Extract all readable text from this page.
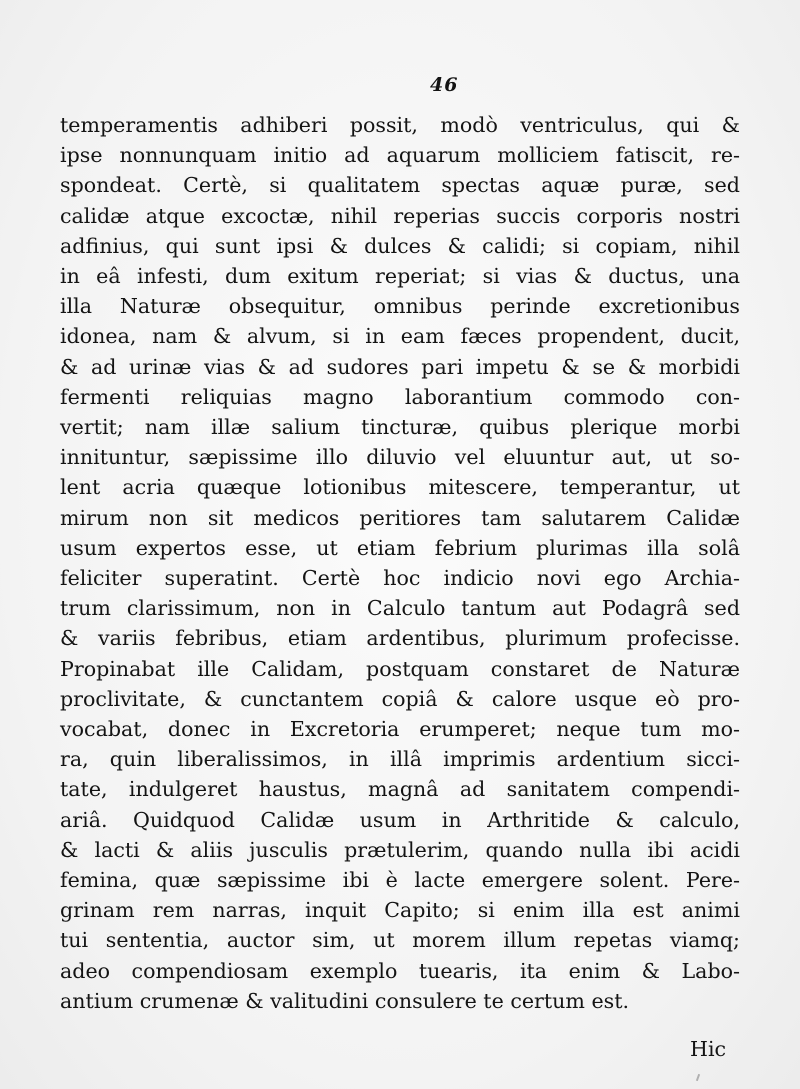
46
temperamentis adhiberi possit, modò ventriculus, qui &
ipse nonnunquam initio ad aquarum molliciem fatiscit, re-
spondeat. Certè, si qualitatem spectas aquæ puræ, sed
calidæ atque excoctæ, nihil reperias succis corporis nostri
adfinius, qui sunt ipsi & dulces & calidi; si copiam, nihil
in eâ infesti, dum exitum reperiat; si vias & ductus, una
illa Naturæ obsequitur, omnibus perinde excretionibus
idonea, nam & alvum, si in eam fæces propendent, ducit,
& ad urinæ vias & ad sudores pari impetu & se & morbidi
fermenti reliquias magno laborantium commodo con-
vertit; nam illæ salium tincturæ, quibus plerique morbi
innituntur, sæpissime illo diluvio vel eluuntur aut, ut so-
lent acria quæque lotionibus mitescere, temperantur, ut
mirum non sit medicos peritiores tam salutarem Calidæ
usum expertos esse, ut etiam febrium plurimas illa solâ
feliciter superatint. Certè hoc indicio novi ego Archia-
trum clarissimum, non in Calculo tantum aut Podagrâ sed
& variis febribus, etiam ardentibus, plurimum profecisse.
Propinabat ille Calidam, postquam constaret de Naturæ
proclivitate, & cunctantem copiâ & calore usque eò pro-
vocabat, donec in Excretoria erumperet; neque tum mo-
ra, quin liberalissimos, in illâ imprimis ardentium sicci-
tate, indulgeret haustus, magnâ ad sanitatem compendi-
ariâ. Quidquod Calidæ usum in Arthritide & calculo,
& lacti & aliis jusculis prætulerim, quando nulla ibi acidi
femina, quæ sæpissime ibi è lacte emergere solent. Pere-
grinam rem narras, inquit Capito; si enim illa est animi
tui sententia, auctor sim, ut morem illum repetas viamq;
adeo compendiosam exemplo tuearis, ita enim & Labo-
antium crumenæ & valitudini consulere te certum est.
Hic
